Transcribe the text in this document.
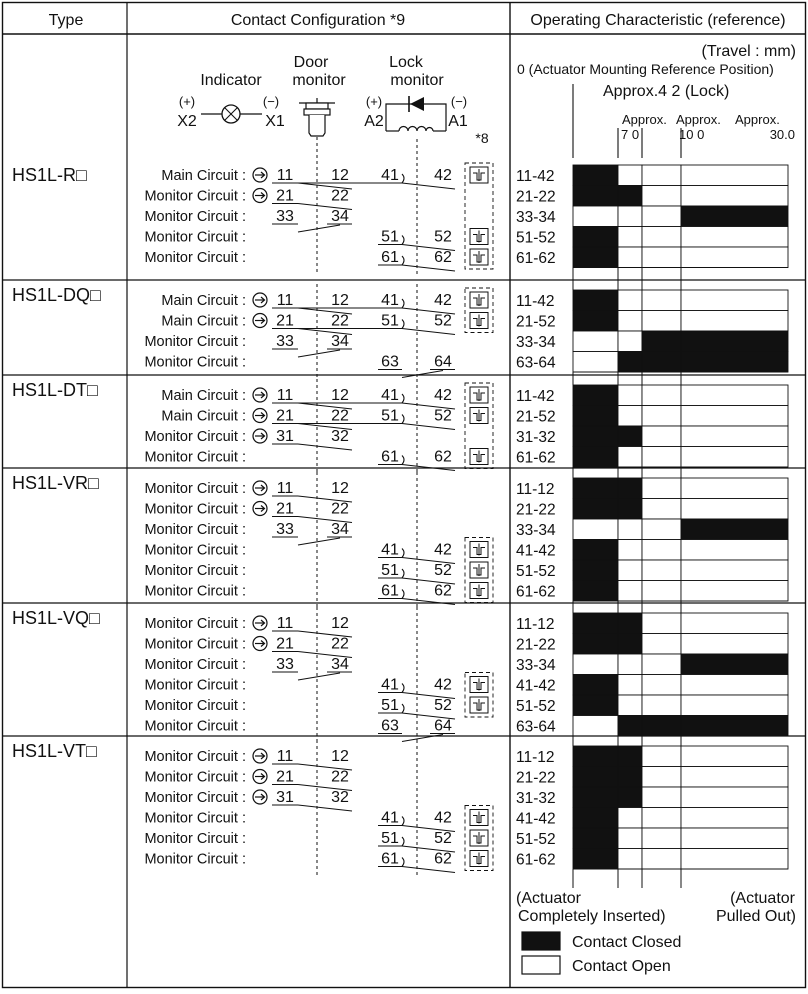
Type	Contact Configuration *9	Operating Characteristic (reference)
Indicator
Door
monitor
Lock
monitor
(+)	(−)
X2	X1
(+)	(−)
A2	A1
*8
(Travel : mm)
0 (Actuator Mounting Reference Position)
Approx.4 2 (Lock)
Approx. Approx. Approx.
7 0	10 0	30.0
HS1L-R□	Main Circuit : 11 12 41 42	11-42
Monitor Circuit : 21 22	21-22
Monitor Circuit : 33 34	33-34
Monitor Circuit :	51 52	51-52
Monitor Circuit :	61 62	61-62
HS1L-DQ□	Main Circuit : 11 12 41 42	11-42
Main Circuit : 21 22 51 52	21-52
Monitor Circuit : 33 34	33-34
Monitor Circuit :	63 64	63-64
HS1L-DT□	Main Circuit : 11 12 41 42	11-42
Main Circuit : 21 22 51 52	21-52
Monitor Circuit : 31 32	31-32
Monitor Circuit :	61 62	61-62
HS1L-VR□	Monitor Circuit : 11 12	11-12
Monitor Circuit : 21 22	21-22
Monitor Circuit : 33 34	33-34
Monitor Circuit :	41 42	41-42
Monitor Circuit :	51 52	51-52
Monitor Circuit :	61 62	61-62
HS1L-VQ□	Monitor Circuit : 11 12	11-12
Monitor Circuit : 21 22	21-22
Monitor Circuit : 33 34	33-34
Monitor Circuit :	41 42	41-42
Monitor Circuit :	51 52	51-52
Monitor Circuit :	63 64	63-64
HS1L-VT□	Monitor Circuit : 11 12	11-12
Monitor Circuit : 21 22	21-22
Monitor Circuit : 31 32	31-32
Monitor Circuit :	41 42	41-42
Monitor Circuit :	51 52	51-52
Monitor Circuit :	61 62	61-62
(Actuator
Completely Inserted)
(Actuator
Pulled Out)
Contact Closed
Contact Open
